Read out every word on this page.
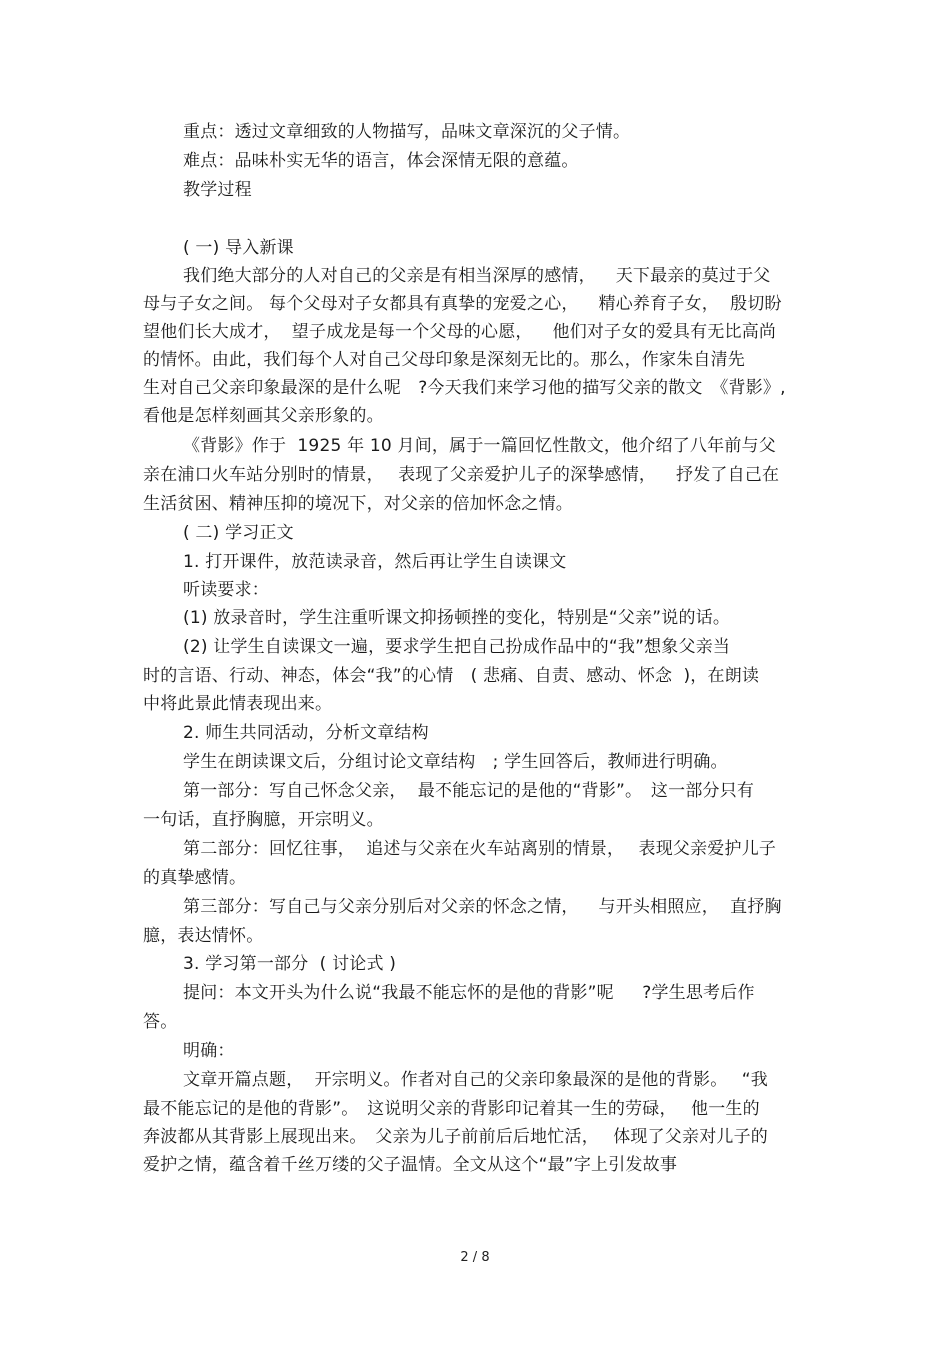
重点：透过文章细致的人物描写，品味文章深沉的父子情。
难点：品味朴实无华的语言，体会深情无限的意蕴。
教学过程
( 一) 导入新课
我们绝大部分的人对自己的父亲是有相当深厚的感情，　  天下最亲的莫过于父
母与子女之间。 每个父母对子女都具有真挚的宠爱之心，　  精心养育子女，  殷切盼
望他们长大成才，  望子成龙是每一个父母的心愿，　  他们对子女的爱具有无比高尚
的情怀。由此，我们每个人对自己父母印象是深刻无比的。那么，作家朱自清先
生对自己父亲印象最深的是什么呢　?今天我们来学习他的描写父亲的散文　《背影》,
看他是怎样刻画其父亲形象的。
《背影》作于  1925 年 10 月间，属于一篇回忆性散文，他介绍了八年前与父
亲在浦口火车站分别时的情景，　 表现了父亲爱护儿子的深挚感情，　  抒发了自己在
生活贫困、精神压抑的境况下，对父亲的倍加怀念之情。
( 二) 学习正文
1. 打开课件，放范读录音，然后再让学生自读课文
听读要求：
(1) 放录音时，学生注重听课文抑扬顿挫的变化，特别是“父亲”说的话。
(2) 让学生自读课文一遍，要求学生把自己扮成作品中的“我”想象父亲当
时的言语、行动、神态，体会“我”的心情　( 悲痛、自责、感动、怀念  )，在朗读
中将此景此情表现出来。
2. 师生共同活动，分析文章结构
学生在朗读课文后，分组讨论文章结构　; 学生回答后，教师进行明确。
第一部分：写自己怀念父亲，  最不能忘记的是他的“背影”。　这一部分只有
一句话，直抒胸臆，开宗明义。
第二部分：回忆往事，  追述与父亲在火车站离别的情景，　 表现父亲爱护儿子
的真挚感情。
第三部分：写自己与父亲分别后对父亲的怀念之情，　  与开头相照应，  直抒胸
臆，表达情怀。
3. 学习第一部分  ( 讨论式 )
提问：本文开头为什么说“我最不能忘怀的是他的背影”呢　  ?学生思考后作
答。
明确：
文章开篇点题，  开宗明义。作者对自己的父亲印象最深的是他的背影。　 “我
最不能忘记的是他的背影”。　这说明父亲的背影印记着其一生的劳碌，　 他一生的
奔波都从其背影上展现出来。　父亲为儿子前前后后地忙活，　 体现了父亲对儿子的
爱护之情，蕴含着千丝万缕的父子温情。全文从这个“最”字上引发故事
2 / 8
